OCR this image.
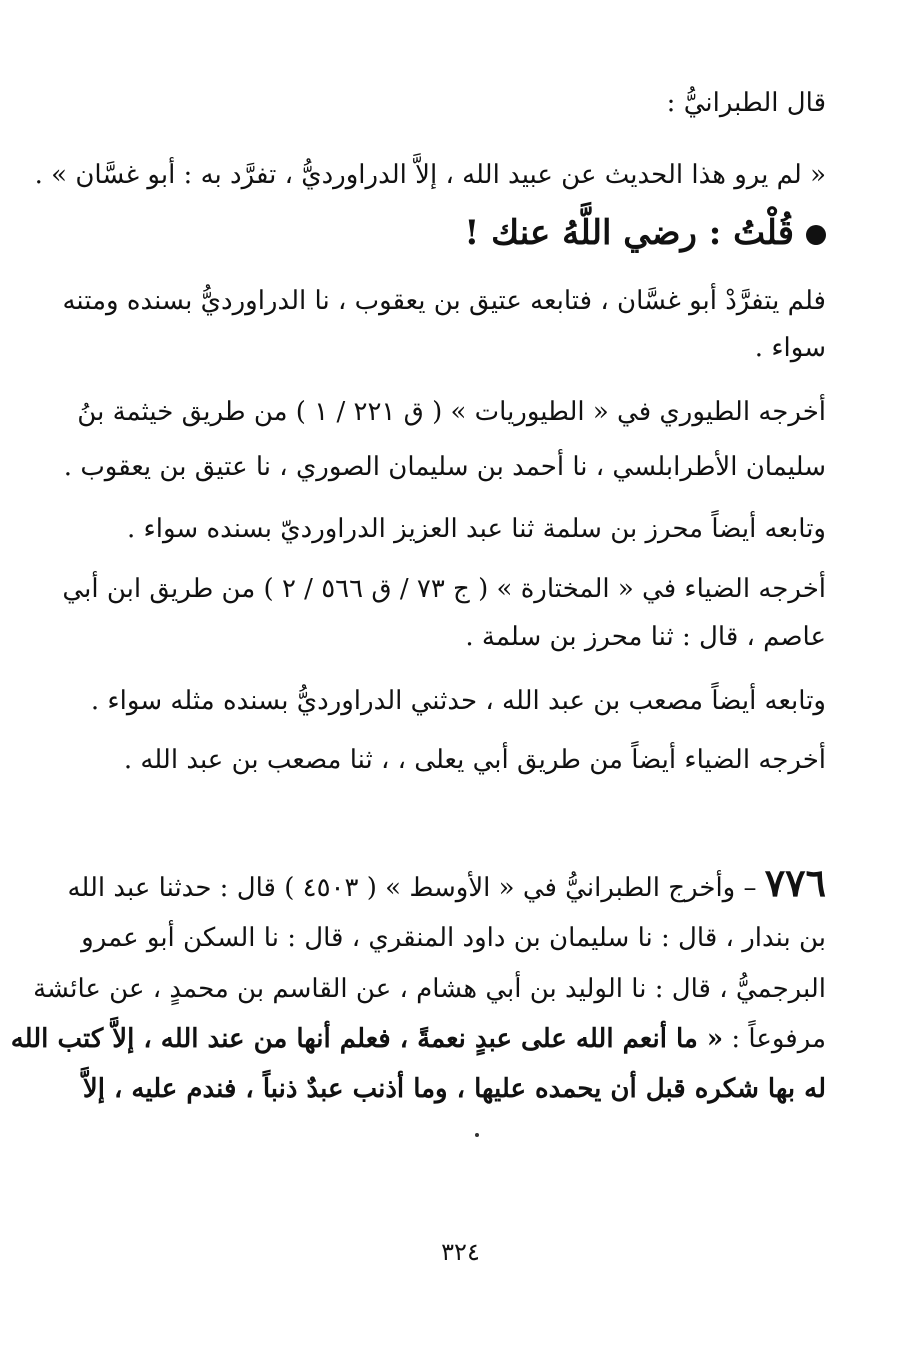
قال الطبرانيُّ :
« لم يرو هذا الحديث عن عبيد الله ، إلاَّ الدراورديُّ ، تفرَّد به : أبو غسَّان » .
قُلْتُ : رضي اللَّهُ عنك !
فلم يتفرَّدْ أبو غسَّان ، فتابعه عتيق بن يعقوب ، نا الدراورديُّ بسنده ومتنه
سواء .
أخرجه الطيوري في « الطيوريات » ( ق ٢٢١ / ١ ) من طريق خيثمة بنُ
سليمان الأطرابلسي ، نا أحمد بن سليمان الصوري ، نا عتيق بن يعقوب .
وتابعه أيضاً محرز بن سلمة ثنا عبد العزيز الدراورديّ بسنده سواء .
أخرجه الضياء في « المختارة » ( ج ٧٣ / ق ٥٦٦ / ٢ ) من طريق ابن أبي
عاصم ، قال : ثنا محرز بن سلمة .
وتابعه أيضاً مصعب بن عبد الله ، حدثني الدراورديُّ بسنده مثله سواء .
أخرجه الضياء أيضاً من طريق أبي يعلى ، ، ثنا مصعب بن عبد الله .
٧٧٦ – وأخرج الطبرانيُّ في « الأوسط » ( ٤٥٠٣ ) قال : حدثنا عبد الله
بن بندار ، قال : نا سليمان بن داود المنقري ، قال : نا السكن أبو عمرو
البرجميُّ ، قال : نا الوليد بن أبي هشام ، عن القاسم بن محمدٍ ، عن عائشة
مرفوعاً : « ما أنعم الله على عبدٍ نعمةً ، فعلم أنها من عند الله ، إلاَّ كتب الله
له بها شكره قبل أن يحمده عليها ، وما أذنب عبدٌ ذنباً ، فندم عليه ، إلاَّ
٣٢٤
